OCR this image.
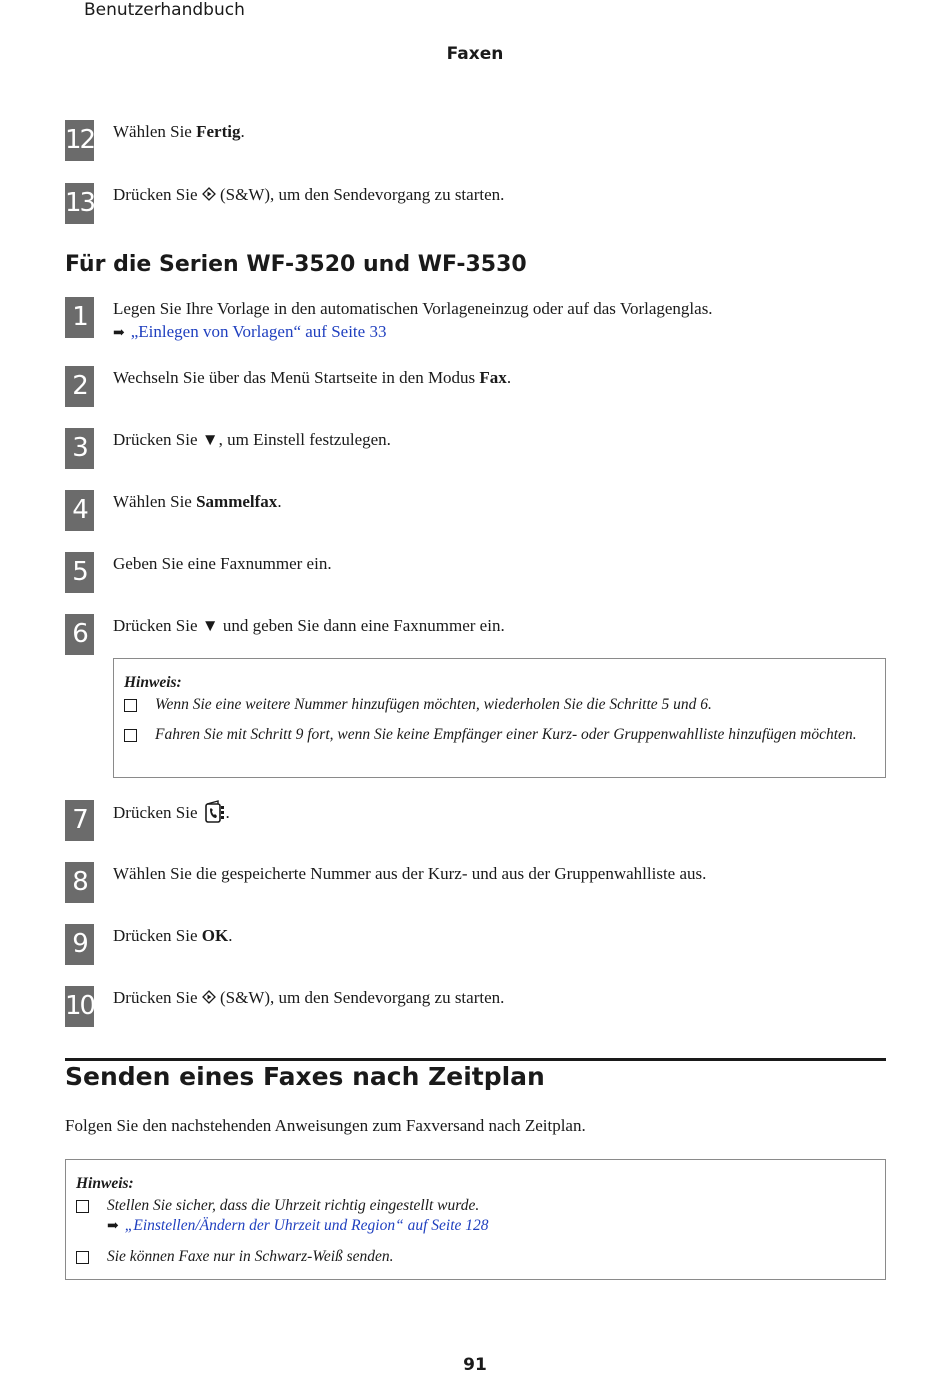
Benutzerhandbuch
Faxen
12 Wählen Sie Fertig.
13 Drücken Sie  (S&W), um den Sendevorgang zu starten.
Für die Serien WF-3520 und WF-3530
1	Legen Sie Ihre Vorlage in den automatischen Vorlageneinzug oder auf das Vorlagenglas.
➡ „Einlegen von Vorlagen“ auf Seite 33
2	Wechseln Sie über das Menü Startseite in den Modus Fax.
3	Drücken Sie ▼, um Einstell festzulegen.
4	Wählen Sie Sammelfax.
5	Geben Sie eine Faxnummer ein.
6	Drücken Sie ▼ und geben Sie dann eine Faxnummer ein.
Hinweis:
Wenn Sie eine weitere Nummer hinzufügen möchten, wiederholen Sie die Schritte 5 und 6.
Fahren Sie mit Schritt 9 fort, wenn Sie keine Empfänger einer Kurz- oder Gruppenwahlliste hinzufügen möchten.
7	Drücken Sie .
8	Wählen Sie die gespeicherte Nummer aus der Kurz- und aus der Gruppenwahlliste aus.
9	Drücken Sie OK.
10 Drücken Sie  (S&W), um den Sendevorgang zu starten.
Senden eines Faxes nach Zeitplan
Folgen Sie den nachstehenden Anweisungen zum Faxversand nach Zeitplan.
Hinweis:
Stellen Sie sicher, dass die Uhrzeit richtig eingestellt wurde.
➡ „Einstellen/Ändern der Uhrzeit und Region“ auf Seite 128
Sie können Faxe nur in Schwarz-Weiß senden.
91
